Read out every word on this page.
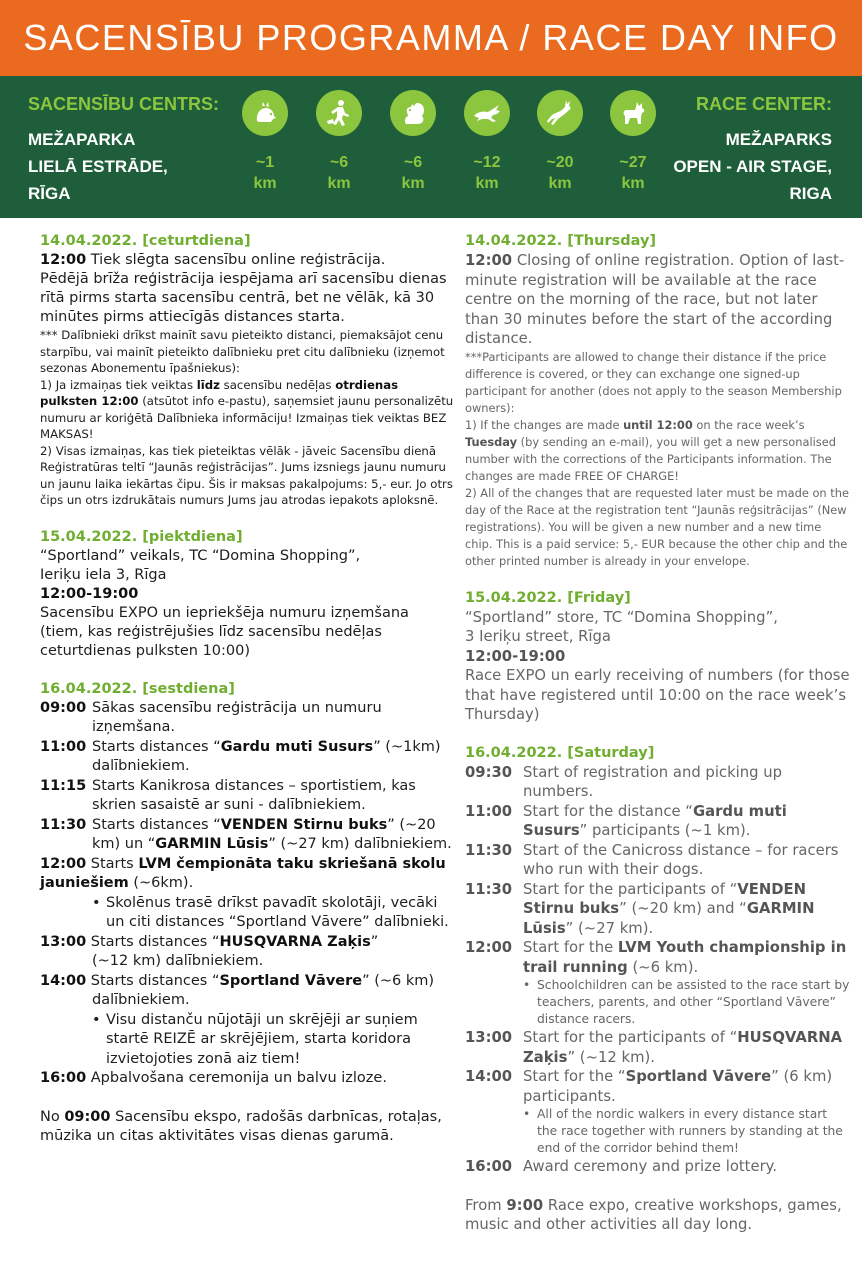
SACENSĪBU PROGRAMMA / RACE DAY INFO
SACENSĪBU CENTRS:
MEŽAPARKA
LIELĀ ESTRĀDE,
RĪGA
RACE CENTER:
MEŽAPARKS
OPEN - AIR STAGE,
RIGA
~1
km
~6
km
~6
km
~12
km
~20
km
~27
km
14.04.2022. [ceturtdiena]
12:00 Tiek slēgta sacensību online reģistrācija.
Pēdējā brīža reģistrācija iespējama arī sacensību dienas rītā pirms starta sacensību centrā, bet ne vēlāk, kā 30 minūtes pirms attiecīgās distances starta.
*** Dalībnieki drīkst mainīt savu pieteikto distanci, piemaksājot cenu starpību, vai mainīt pieteikto dalībnieku pret citu dalībnieku (izņemot sezonas Abonementu īpašniekus):
1) Ja izmaiņas tiek veiktas līdz sacensību nedēļas otrdienas pulksten 12:00 (atsūtot info e-pastu), saņemsiet jaunu personalizētu numuru ar koriģētā Dalībnieka informāciju! Izmaiņas tiek veiktas BEZ MAKSAS!
2) Visas izmaiņas, kas tiek pieteiktas vēlāk - jāveic Sacensību dienā Reģistratūras teltī “Jaunās reģistrācijas”. Jums izsniegs jaunu numuru un jaunu laika iekārtas čipu. Šis ir maksas pakalpojums: 5,- eur. Jo otrs čips un otrs izdrukātais numurs Jums jau atrodas iepakots aploksnē.
15.04.2022. [piektdiena]
“Sportland” veikals, TC “Domina Shopping”,
Ieriķu iela 3, Rīga
12:00-19:00
Sacensību EXPO un iepriekšēja numuru izņemšana (tiem, kas reģistrējušies līdz sacensību nedēļas ceturtdienas pulksten 10:00)
16.04.2022. [sestdiena]
09:00 Sākas sacensību reģistrācija un numuru izņemšana.
11:00 Starts distances “Gardu muti Susurs” (~1km) dalībniekiem.
11:15 Starts Kanikrosa distances – sportistiem, kas skrien sasaistē ar suni - dalībniekiem.
11:30 Starts distances “VENDEN Stirnu buks” (~20 km) un “GARMIN Lūsis” (~27 km) dalībniekiem.
12:00 Starts LVM čempionāta taku skriešanā skolu jauniešiem (~6km).
• Skolēnus trasē drīkst pavadīt skolotāji, vecāki un citi distances “Sportland Vāvere” dalībnieki.
13:00 Starts distances “HUSQVARNA Zaķis”
(~12 km) dalībniekiem.
14:00 Starts distances “Sportland Vāvere” (~6 km)
dalībniekiem.
• Visu distanču nūjotāji un skrējēji ar suņiem startē REIZĒ ar skrējējiem, starta koridora izvietojoties zonā aiz tiem!
16:00 Apbalvošana ceremonija un balvu izloze.
No 09:00 Sacensību ekspo, radošās darbnīcas, rotaļas, mūzika un citas aktivitātes visas dienas garumā.
14.04.2022. [Thursday]
12:00 Closing of online registration. Option of last-minute registration will be available at the race centre on the morning of the race, but not later than 30 minutes before the start of the according distance.
***Participants are allowed to change their distance if the price difference is covered, or they can exchange one signed-up participant for another (does not apply to the season Membership owners):
1) If the changes are made until 12:00 on the race week’s Tuesday (by sending an e-mail), you will get a new personalised number with the corrections of the Participants information. The changes are made FREE OF CHARGE!
2) All of the changes that are requested later must be made on the day of the Race at the registration tent “Jaunās reģsitrācijas” (New registrations). You will be given a new number and a new time chip. This is a paid service: 5,- EUR because the other chip and the other printed number is already in your envelope.
15.04.2022. [Friday]
“Sportland” store, TC “Domina Shopping”,
3 Ieriķu street, Rīga
12:00-19:00
Race EXPO un early receiving of numbers (for those that have registered until 10:00 on the race week’s Thursday)
16.04.2022. [Saturday]
09:30 Start of registration and picking up numbers.
11:00 Start for the distance “Gardu muti Susurs” participants (~1 km).
11:30 Start of the Canicross distance – for racers who run with their dogs.
11:30 Start for the participants of “VENDEN Stirnu buks” (~20 km) and “GARMIN Lūsis” (~27 km).
12:00 Start for the LVM Youth championship in trail running (~6 km).
• Schoolchildren can be assisted to the race start by teachers, parents, and other “Sportland Vāvere” distance racers.
13:00 Start for the participants of “HUSQVARNA Zaķis” (~12 km).
14:00 Start for the “Sportland Vāvere” (6 km) participants.
• All of the nordic walkers in every distance start the race together with runners by standing at the end of the corridor behind them!
16:00 Award ceremony and prize lottery.
From 9:00 Race expo, creative workshops, games, music and other activities all day long.
